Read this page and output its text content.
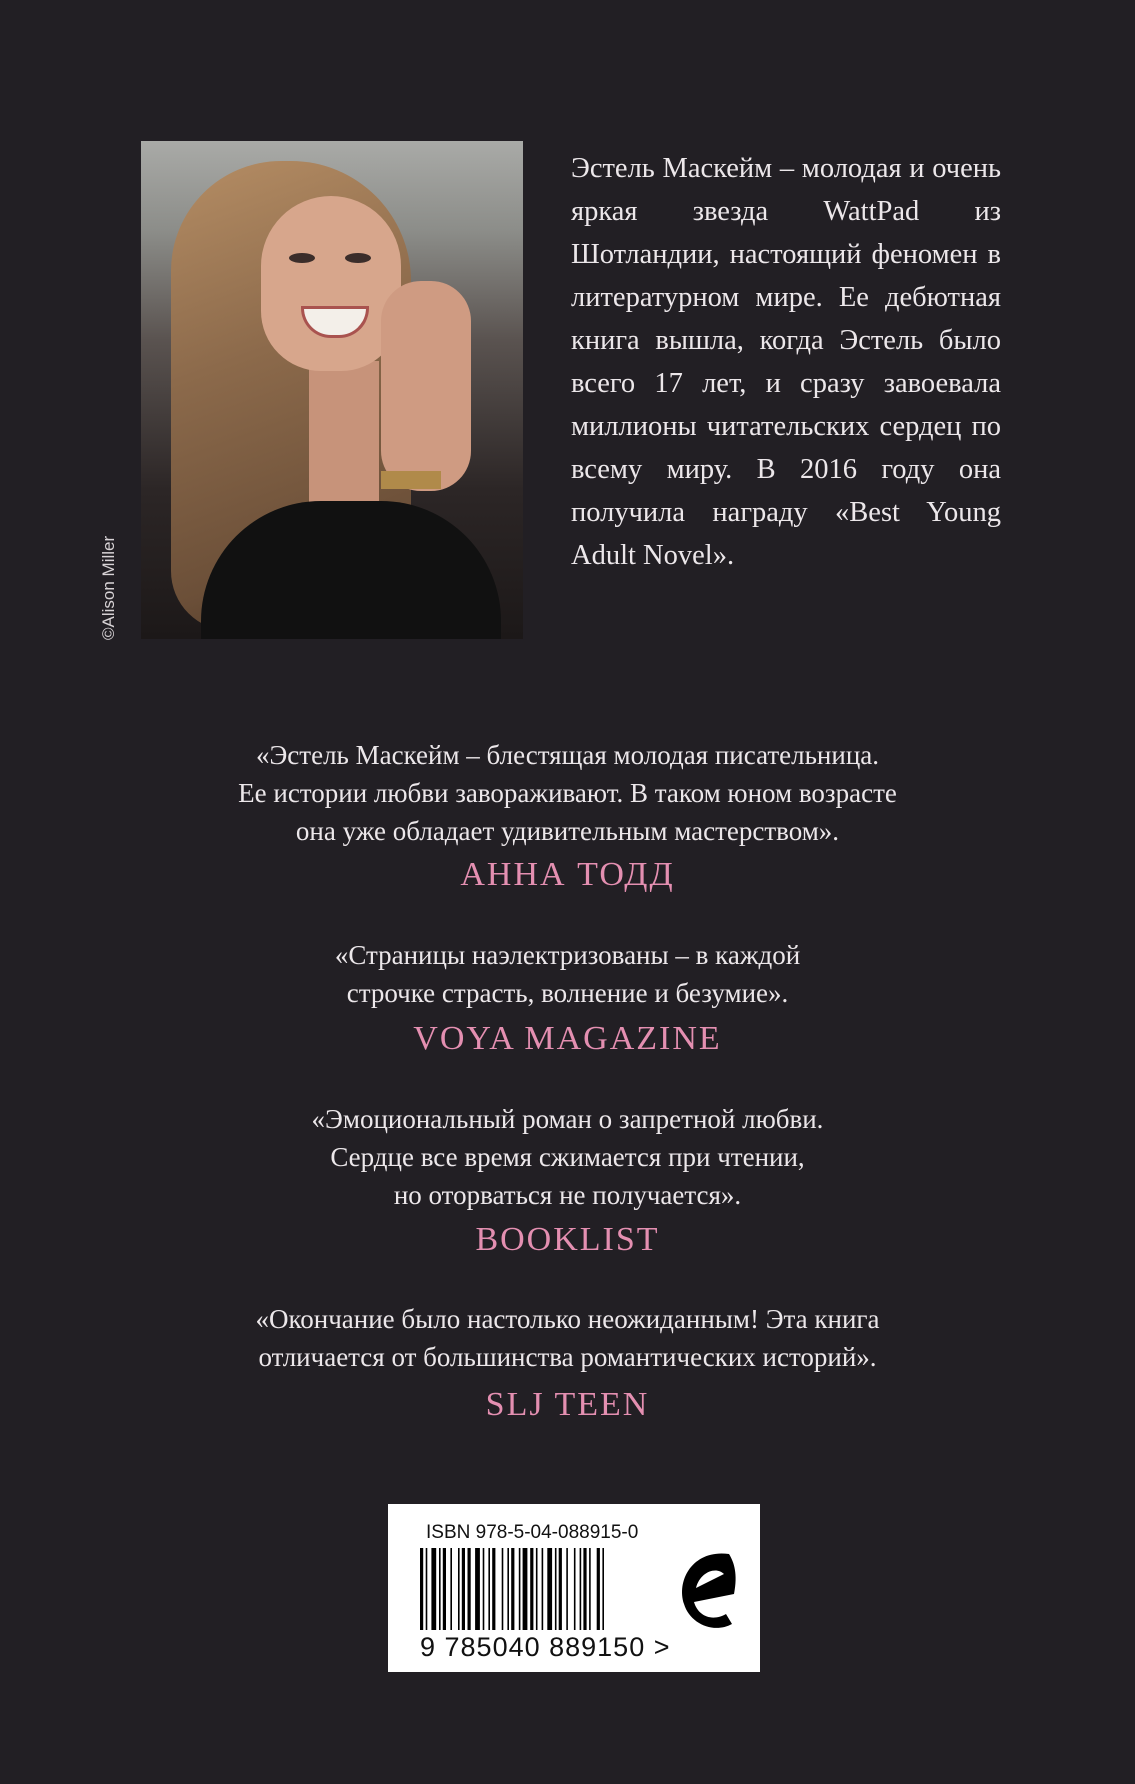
©Alison Miller
Эстель Маскейм – молодая и очень яркая звезда WattPad из Шотландии, настоящий феномен в литературном мире. Ее дебютная книга вышла, когда Эстель было всего 17 лет, и сразу завоевала миллионы читательских сердец по всему миру. В 2016 году она получила награду «Best Young Adult Novel».
«Эстель Маскейм – блестящая молодая писательница.
Ее истории любви завораживают. В таком юном возрасте
она уже обладает удивительным мастерством».
АННА ТОДД
«Страницы наэлектризованы – в каждой
строчке страсть, волнение и безумие».
VOYA MAGAZINE
«Эмоциональный роман о запретной любви.
Сердце все время сжимается при чтении,
но оторваться не получается».
BOOKLIST
«Окончание было настолько неожиданным! Эта книга
отличается от большинства романтических историй».
SLJ TEEN
ISBN 978-5-04-088915-0
9 785040 889150 >
